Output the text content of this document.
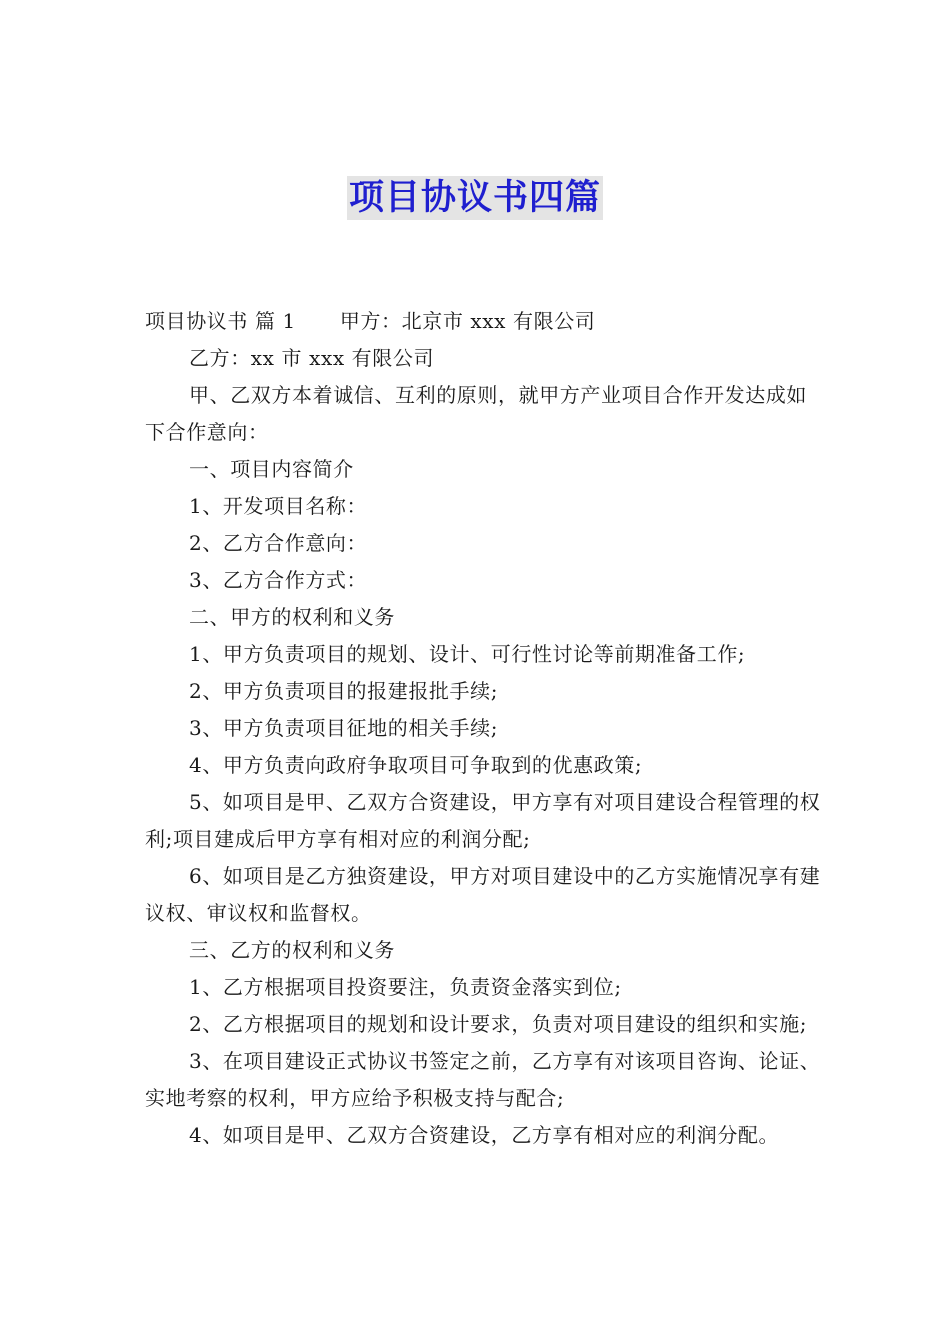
项目协议书四篇

项目协议书 篇 1 甲方：北京市 xxx 有限公司

乙方：xx 市 xxx 有限公司

甲、乙双方本着诚信、互利的原则，就甲方产业项目合作开发达成如下合作意向：

一、项目内容简介

1、开发项目名称：

2、乙方合作意向：

3、乙方合作方式：

二、甲方的权利和义务

1、甲方负责项目的规划、设计、可行性讨论等前期准备工作;

2、甲方负责项目的报建报批手续;

3、甲方负责项目征地的相关手续;

4、甲方负责向政府争取项目可争取到的优惠政策;

5、如项目是甲、乙双方合资建设，甲方享有对项目建设合程管理的权利;项目建成后甲方享有相对应的利润分配;

6、如项目是乙方独资建设，甲方对项目建设中的乙方实施情况享有建议权、审议权和监督权。

三、乙方的权利和义务

1、乙方根据项目投资要注，负责资金落实到位;

2、乙方根据项目的规划和设计要求，负责对项目建设的组织和实施;

3、在项目建设正式协议书签定之前，乙方享有对该项目咨询、论证、实地考察的权利，甲方应给予积极支持与配合;

4、如项目是甲、乙双方合资建设，乙方享有相对应的利润分配。
